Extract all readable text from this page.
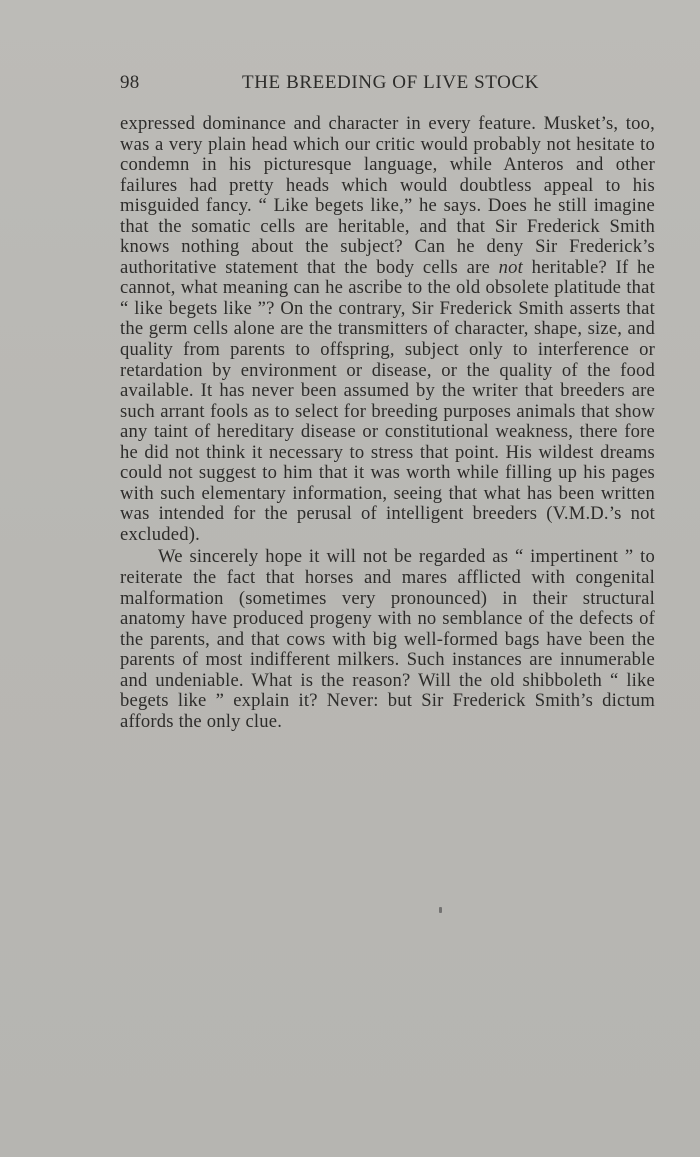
98	THE BREEDING OF LIVE STOCK

expressed dominance and character in every feature. Musket’s, too, was a very plain head which our critic would probably not hesitate to condemn in his picturesque language, while Anteros and other failures had pretty heads which would doubtless appeal to his misguided fancy. “ Like begets like,” he says. Does he still imagine that the somatic cells are heritable, and that Sir Frederick Smith knows nothing about the subject? Can he deny Sir Frederick’s authoritative statement that the body cells are not heritable? If he cannot, what meaning can he ascribe to the old obsolete platitude that “ like begets like ”? On the contrary, Sir Frederick Smith asserts that the germ cells alone are the transmitters of character, shape, size, and quality from parents to offspring, subject only to interference or retardation by environment or disease, or the quality of the food available. It has never been assumed by the writer that breeders are such arrant fools as to select for breeding purposes animals that show any taint of hereditary disease or constitutional weakness, there fore he did not think it necessary to stress that point. His wildest dreams could not suggest to him that it was worth while filling up his pages with such elementary information, seeing that what has been written was intended for the perusal of intelligent breeders (V.M.D.’s not excluded).

We sincerely hope it will not be regarded as “ impertinent ” to reiterate the fact that horses and mares afflicted with congenital malformation (sometimes very pronounced) in their structural anatomy have produced progeny with no semblance of the defects of the parents, and that cows with big well-formed bags have been the parents of most indifferent milkers. Such instances are innumerable and undeniable. What is the reason? Will the old shibboleth “ like begets like ” explain it? Never: but Sir Frederick Smith’s dictum affords the only clue.
